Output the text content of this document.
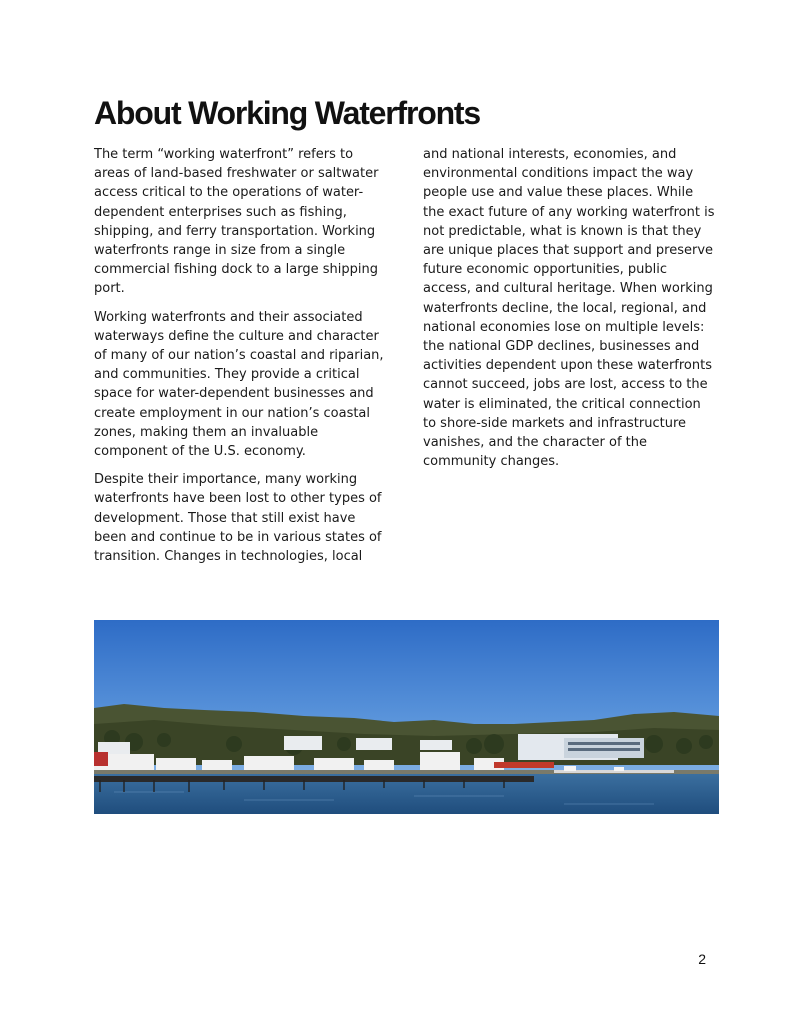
About Working Waterfronts

The term “working waterfront” refers to areas of land-based freshwater or saltwater access critical to the operations of water-dependent enterprises such as fishing, shipping, and ferry transportation. Working waterfronts range in size from a single commercial fishing dock to a large shipping port.

Working waterfronts and their associated waterways define the culture and character of many of our nation’s coastal and riparian, and communities. They provide a critical space for water-dependent businesses and create employment in our nation’s coastal zones, making them an invaluable component of the U.S. economy.

Despite their importance, many working waterfronts have been lost to other types of development. Those that still exist have been and continue to be in various states of transition. Changes in technologies, local

and national interests, economies, and environmental conditions impact the way people use and value these places. While the exact future of any working waterfront is not predictable, what is known is that they are unique places that support and preserve future economic opportunities, public access, and cultural heritage. When working waterfronts decline, the local, regional, and national economies lose on multiple levels: the national GDP declines, businesses and activities dependent upon these waterfronts cannot succeed, jobs are lost, access to the water is eliminated, the critical connection to shore-side markets and infrastructure vanishes, and the character of the community changes.

2
